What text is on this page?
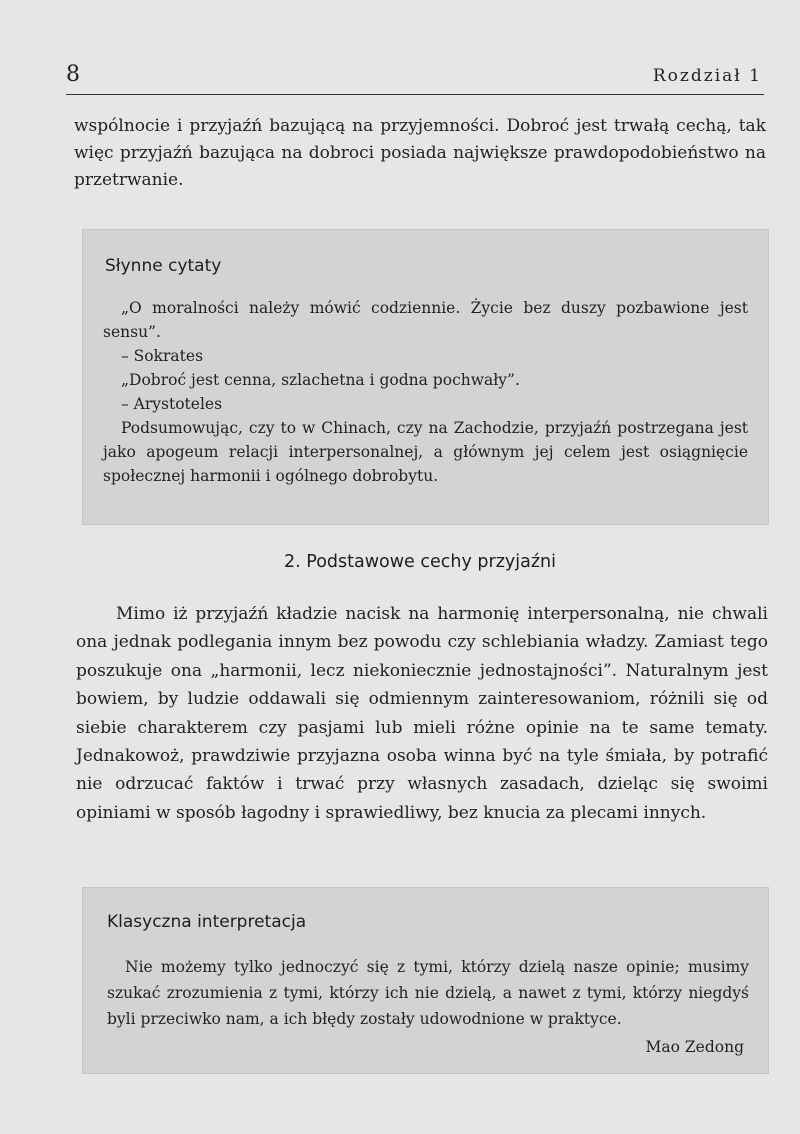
8	Rozdział 1

wspólnocie i przyjaźń bazującą na przyjemności. Dobroć jest trwałą cechą, tak więc przyjaźń bazująca na dobroci posiada największe prawdopodobieństwo na przetrwanie.

Słynne cytaty

„O moralności należy mówić codziennie. Życie bez duszy pozbawione jest sensu”.

– Sokrates

„Dobroć jest cenna, szlachetna i godna pochwały”.

– Arystoteles

Podsumowując, czy to w Chinach, czy na Zachodzie, przyjaźń postrzegana jest jako apogeum relacji interpersonalnej, a głównym jej celem jest osiągnięcie społecznej harmonii i ogólnego dobrobytu.

2. Podstawowe cechy przyjaźni

Mimo iż przyjaźń kładzie nacisk na harmonię interpersonalną, nie chwali ona jednak podlegania innym bez powodu czy schlebiania władzy. Zamiast tego poszukuje ona „harmonii, lecz niekoniecznie jednostajności”. Naturalnym jest bowiem, by ludzie oddawali się odmiennym zainteresowaniom, różnili się od siebie charakterem czy pasjami lub mieli różne opinie na te same tematy. Jednakowoż, prawdziwie przyjazna osoba winna być na tyle śmiała, by potrafić nie odrzucać faktów i trwać przy własnych zasadach, dzieląc się swoimi opiniami w sposób łagodny i sprawiedliwy, bez knucia za plecami innych.

Klasyczna interpretacja

Nie możemy tylko jednoczyć się z tymi, którzy dzielą nasze opinie; musimy szukać zrozumienia z tymi, którzy ich nie dzielą, a nawet z tymi, którzy niegdyś byli przeciwko nam, a ich błędy zostały udowodnione w praktyce.

Mao Zedong
